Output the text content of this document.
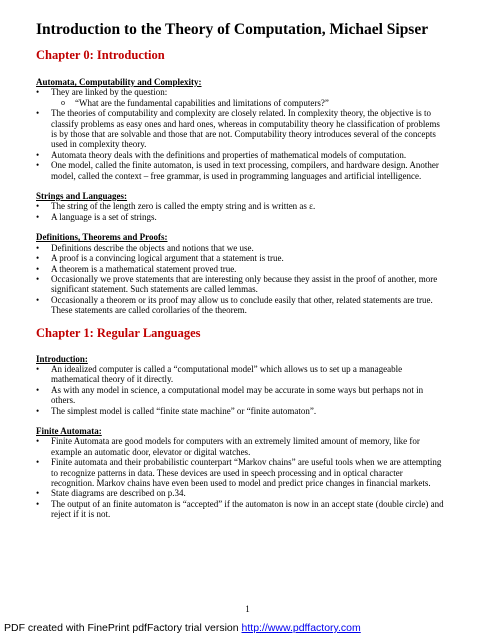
Introduction to the Theory of Computation, Michael Sipser
Chapter 0: Introduction
Automata, Computability and Complexity:
• They are linked by the question:
o “What are the fundamental capabilities and limitations of computers?”
• The theories of computability and complexity are closely related. In complexity theory, the objective is to classify problems as easy ones and hard ones, whereas in computability theory he classification of problems is by those that are solvable and those that are not. Computability theory introduces several of the concepts used in complexity theory.
• Automata theory deals with the definitions and properties of mathematical models of computation.
• One model, called the finite automaton, is used in text processing, compilers, and hardware design. Another model, called the context – free grammar, is used in programming languages and artificial intelligence.
Strings and Languages:
• The string of the length zero is called the empty string and is written as ε.
• A language is a set of strings.
Definitions, Theorems and Proofs:
• Definitions describe the objects and notions that we use.
• A proof is a convincing logical argument that a statement is true.
• A theorem is a mathematical statement proved true.
• Occasionally we prove statements that are interesting only because they assist in the proof of another, more significant statement. Such statements are called lemmas.
• Occasionally a theorem or its proof may allow us to conclude easily that other, related statements are true. These statements are called corollaries of the theorem.
Chapter 1: Regular Languages
Introduction:
• An idealized computer is called a “computational model” which allows us to set up a manageable mathematical theory of it directly.
• As with any model in science, a computational model may be accurate in some ways but perhaps not in others.
• The simplest model is called “finite state machine” or “finite automaton”.
Finite Automata:
• Finite Automata are good models for computers with an extremely limited amount of memory, like for example an automatic door, elevator or digital watches.
• Finite automata and their probabilistic counterpart “Markov chains” are useful tools when we are attempting to recognize patterns in data. These devices are used in speech processing and in optical character recognition. Markov chains have even been used to model and predict price changes in financial markets.
• State diagrams are described on p.34.
• The output of an finite automaton is “accepted” if the automaton is now in an accept state (double circle) and reject if it is not.
1
PDF created with FinePrint pdfFactory trial version http://www.pdffactory.com
